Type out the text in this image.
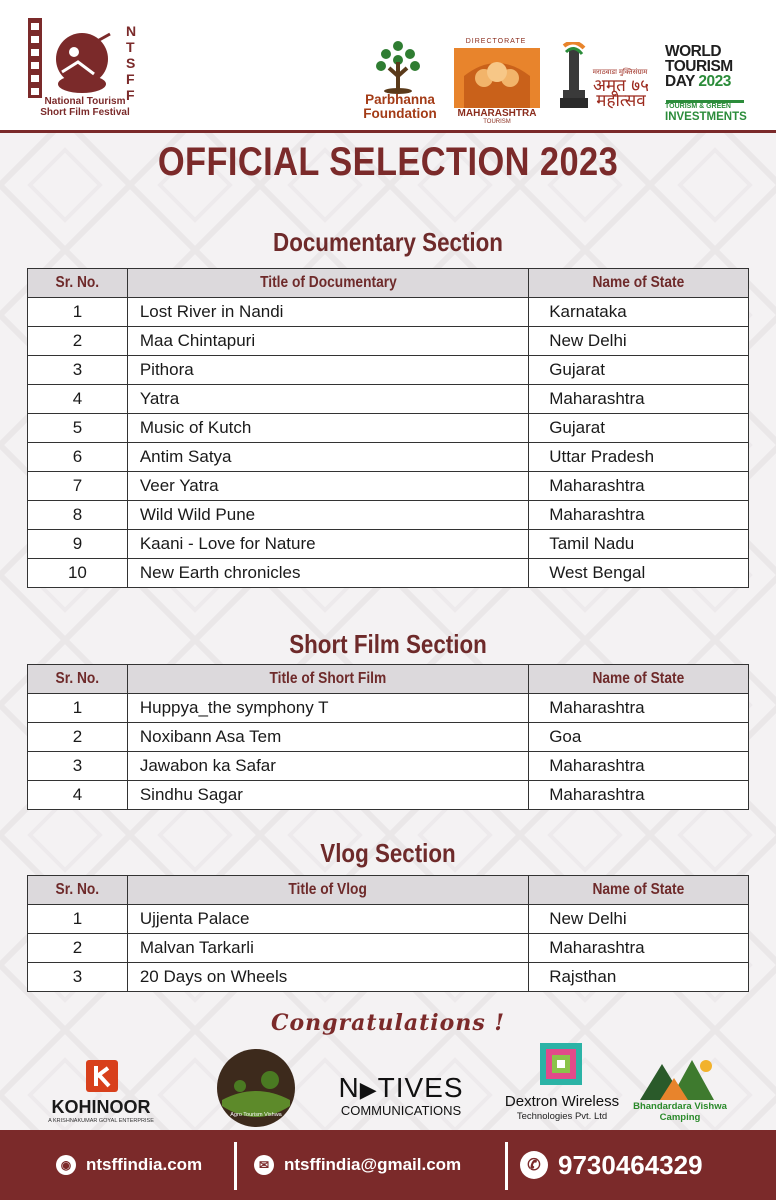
N
T
S
F
F
National Tourism
Short Film Festival
Parbhanna
Foundation
DIRECTORATE
MAHARASHTRA
TOURISM
मराठवाडा मुक्तिसंग्राम
अमृत ७५
महोत्सव
WORLD
TOURISM
DAY 2023
TOURISM & GREEN
INVESTMENTS
OFFICIAL SELECTION 2023
Documentary Section
Sr. No.	Title of Documentary	Name of State
1	Lost River in Nandi	Karnataka
2	Maa Chintapuri	New Delhi
3	Pithora	Gujarat
4	Yatra	Maharashtra
5	Music of Kutch	Gujarat
6	Antim Satya	Uttar Pradesh
7	Veer Yatra	Maharashtra
8	Wild Wild Pune	Maharashtra
9	Kaani - Love for Nature	Tamil Nadu
10	New Earth chronicles	West Bengal
Short Film Section
Sr. No.	Title of Short Film	Name of State
1	Huppya_the symphony T	Maharashtra
2	Noxibann Asa Tem	Goa
3	Jawabon ka Safar	Maharashtra
4	Sindhu Sagar	Maharashtra
Vlog Section
Sr. No.	Title of Vlog	Name of State
1	Ujjenta Palace	New Delhi
2	Malvan Tarkarli	Maharashtra
3	20 Days on Wheels	Rajsthan
Congratulations !
KOHINOOR
A KRISHNAKUMAR GOYAL ENTERPRISE
Agro Tourism Vishwa
N▶TIVES
COMMUNICATIONS
Dextron Wireless
Technologies Pvt. Ltd
Bhandardara Vishwa
Camping
◉ ntsffindia.com	✉ ntsffindia@gmail.com	✆ 9730464329
